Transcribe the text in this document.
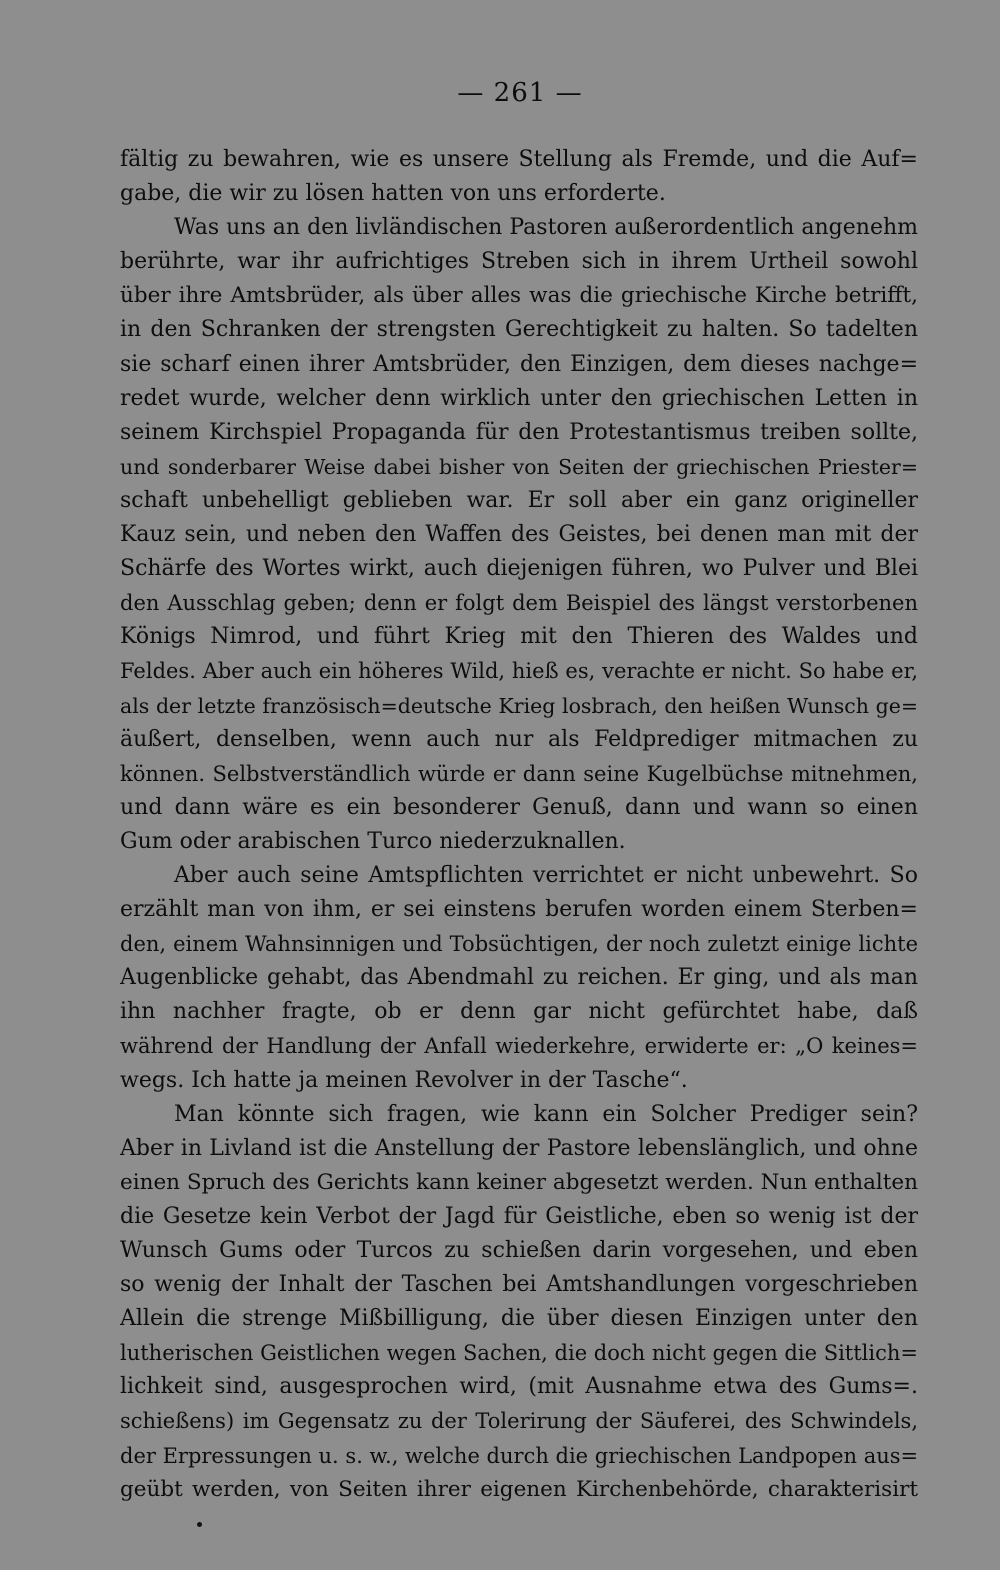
— 261 —
fältig zu bewahren, wie es unsere Stellung als Fremde, und die Auf=
gabe, die wir zu lösen hatten von uns erforderte.
Was uns an den livländischen Pastoren außerordentlich angenehm
berührte, war ihr aufrichtiges Streben sich in ihrem Urtheil sowohl
über ihre Amtsbrüder, als über alles was die griechische Kirche betrifft,
in den Schranken der strengsten Gerechtigkeit zu halten. So tadelten
sie scharf einen ihrer Amtsbrüder, den Einzigen, dem dieses nachge=
redet wurde, welcher denn wirklich unter den griechischen Letten in
seinem Kirchspiel Propaganda für den Protestantismus treiben sollte,
und sonderbarer Weise dabei bisher von Seiten der griechischen Priester=
schaft unbehelligt geblieben war. Er soll aber ein ganz origineller
Kauz sein, und neben den Waffen des Geistes, bei denen man mit der
Schärfe des Wortes wirkt, auch diejenigen führen, wo Pulver und Blei
den Ausschlag geben; denn er folgt dem Beispiel des längst verstorbenen
Königs Nimrod, und führt Krieg mit den Thieren des Waldes und
Feldes. Aber auch ein höheres Wild, hieß es, verachte er nicht. So habe er,
als der letzte französisch=deutsche Krieg losbrach, den heißen Wunsch ge=
äußert, denselben, wenn auch nur als Feldprediger mitmachen zu
können. Selbstverständlich würde er dann seine Kugelbüchse mitnehmen,
und dann wäre es ein besonderer Genuß, dann und wann so einen
Gum oder arabischen Turco niederzuknallen.
Aber auch seine Amtspflichten verrichtet er nicht unbewehrt. So
erzählt man von ihm, er sei einstens berufen worden einem Sterben=
den, einem Wahnsinnigen und Tobsüchtigen, der noch zuletzt einige lichte
Augenblicke gehabt, das Abendmahl zu reichen. Er ging, und als man
ihn nachher fragte, ob er denn gar nicht gefürchtet habe, daß
während der Handlung der Anfall wiederkehre, erwiderte er: „O keines=
wegs. Ich hatte ja meinen Revolver in der Tasche“.
Man könnte sich fragen, wie kann ein Solcher Prediger sein?
Aber in Livland ist die Anstellung der Pastore lebenslänglich, und ohne
einen Spruch des Gerichts kann keiner abgesetzt werden. Nun enthalten
die Gesetze kein Verbot der Jagd für Geistliche, eben so wenig ist der
Wunsch Gums oder Turcos zu schießen darin vorgesehen, und eben
so wenig der Inhalt der Taschen bei Amtshandlungen vorgeschrieben
Allein die strenge Mißbilligung, die über diesen Einzigen unter den
lutherischen Geistlichen wegen Sachen, die doch nicht gegen die Sittlich=
lichkeit sind, ausgesprochen wird, (mit Ausnahme etwa des Gums=.
schießens) im Gegensatz zu der Tolerirung der Säuferei, des Schwindels,
der Erpressungen u. s. w., welche durch die griechischen Landpopen aus=
geübt werden, von Seiten ihrer eigenen Kirchenbehörde, charakterisirt
